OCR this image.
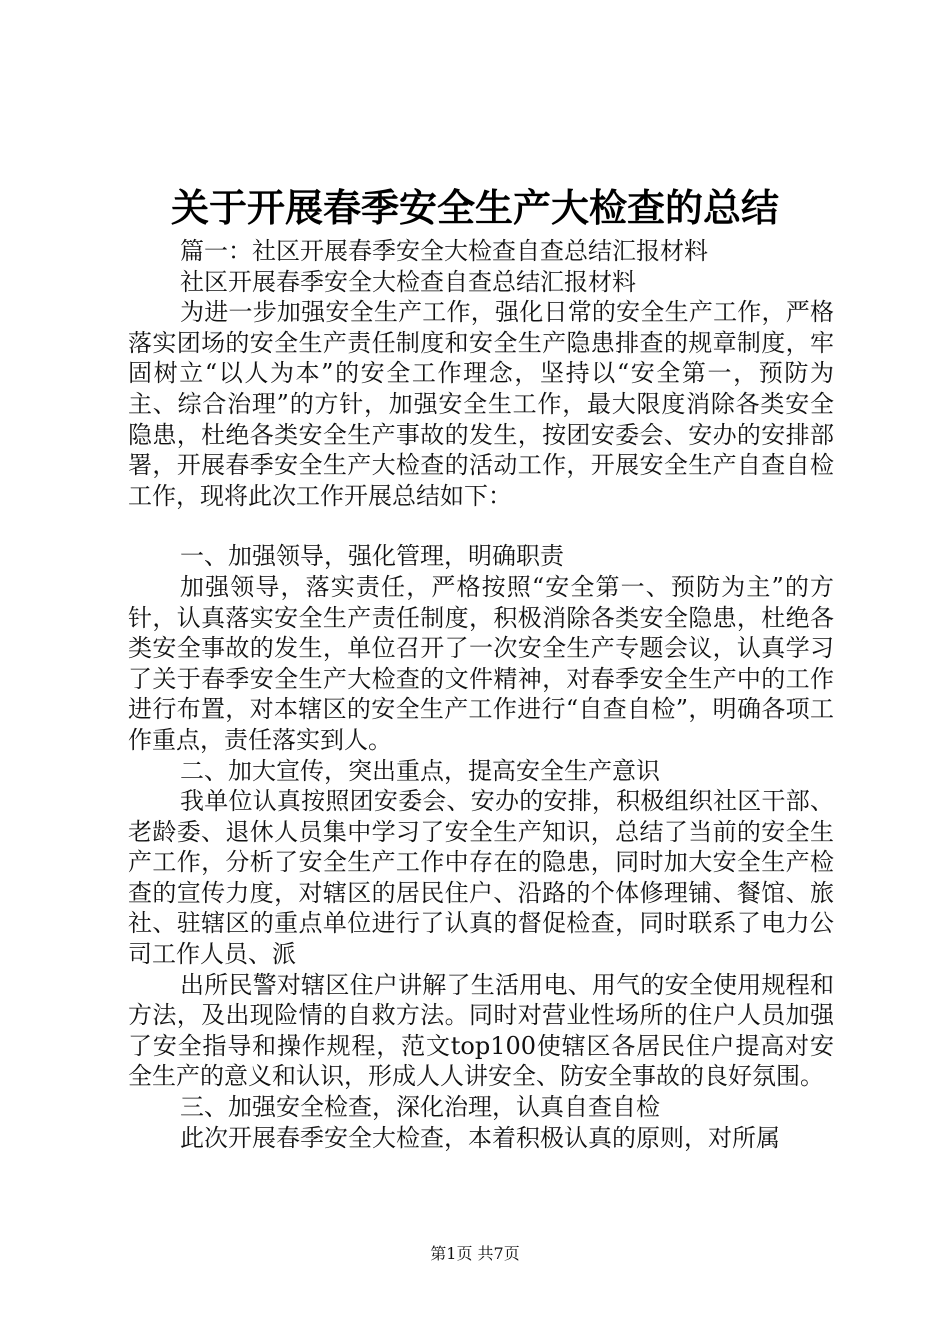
关于开展春季安全生产大检查的总结

篇一：社区开展春季安全大检查自查总结汇报材料

社区开展春季安全大检查自查总结汇报材料

为进一步加强安全生产工作，强化日常的安全生产工作，严格落实团场的安全生产责任制度和安全生产隐患排查的规章制度，牢固树立“以人为本”的安全工作理念，坚持以“安全第一，预防为主、综合治理”的方针，加强安全生工作，最大限度消除各类安全隐患，杜绝各类安全生产事故的发生，按团安委会、安办的安排部署，开展春季安全生产大检查的活动工作，开展安全生产自查自检工作，现将此次工作开展总结如下：

一、加强领导，强化管理，明确职责

加强领导，落实责任，严格按照“安全第一、预防为主”的方针，认真落实安全生产责任制度，积极消除各类安全隐患，杜绝各类安全事故的发生，单位召开了一次安全生产专题会议，认真学习了关于春季安全生产大检查的文件精神，对春季安全生产中的工作进行布置，对本辖区的安全生产工作进行“自查自检”，明确各项工作重点，责任落实到人。

二、加大宣传，突出重点，提高安全生产意识

我单位认真按照团安委会、安办的安排，积极组织社区干部、老龄委、退休人员集中学习了安全生产知识，总结了当前的安全生产工作，分析了安全生产工作中存在的隐患，同时加大安全生产检查的宣传力度，对辖区的居民住户、沿路的个体修理铺、餐馆、旅社、驻辖区的重点单位进行了认真的督促检查，同时联系了电力公司工作人员、派

出所民警对辖区住户讲解了生活用电、用气的安全使用规程和方法，及出现险情的自救方法。同时对营业性场所的住户人员加强了安全指导和操作规程，范文top100使辖区各居民住户提高对安全生产的意义和认识，形成人人讲安全、防安全事故的良好氛围。

三、加强安全检查，深化治理，认真自查自检

此次开展春季安全大检查，本着积极认真的原则，对所属

第1页 共7页
